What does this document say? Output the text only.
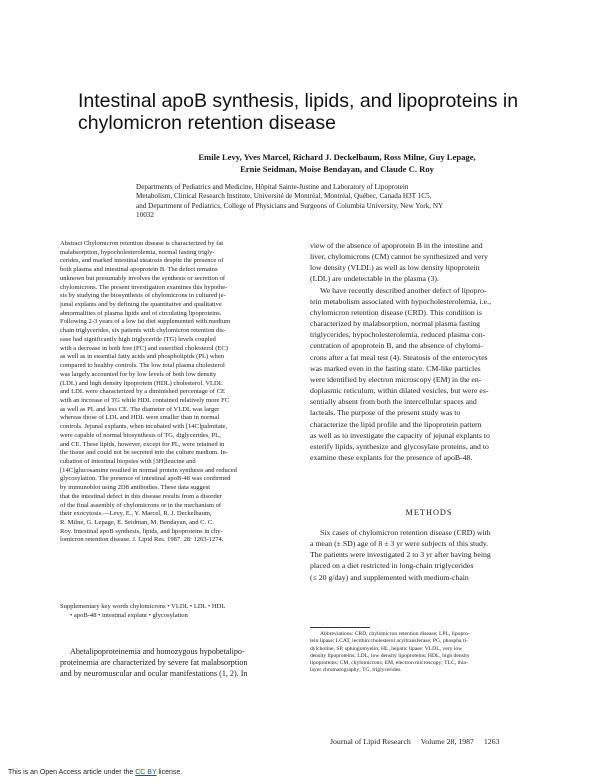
Intestinal apoB synthesis, lipids, and lipoproteins in
chylomicron retention disease
Emile Levy, Yves Marcel, Richard J. Deckelbaum, Ross Milne, Guy Lepage,
Ernie Seidman, Moise Bendayan, and Claude C. Roy
Departments of Pediatrics and Medicine, Hôpital Sainte-Justine and Laboratory of Lipoprotein
Metabolism, Clinical Research Institute, Université de Montréal, Montréal, Québec, Canada H3T 1C5,
and Department of Pediatrics, College of Physicians and Surgeons of Columbia University, New York, NY
10032
Abstract Chylomicron retention disease is characterized by fat
malabsorption, hypocholesterolemia, normal fasting trigly-
cerides, and marked intestinal steatosis despite the presence of
both plasma and intestinal apoprotein B. The defect remains
unknown but presumably involves the synthesis or secretion of
chylomicrons. The present investigation examines this hypothe-
sis by studying the biosynthesis of chylomicrons in cultured je-
junal explants and by defining the quantitative and qualitative
abnormalities of plasma lipids and of circulating lipoproteins.
Following 2-3 years of a low fat diet supplemented with medium
chain triglycerides, six patients with chylomicron retention dis-
ease had significantly high triglyceride (TG) levels coupled
with a decrease in both free (FC) and esterified cholesterol (EC)
as well as in essential fatty acids and phospholipids (PL) when
compared to healthy controls. The low total plasma cholesterol
was largely accounted for by low levels of both low density
(LDL) and high density lipoprotein (HDL) cholesterol. VLDL
and LDL were characterized by a diminished percentage of CE
with an increase of TG while HDL contained relatively more FC
as well as PL and less CE. The diameter of VLDL was larger
whereas those of LDL and HDL were smaller than in normal
controls. Jejunal explants, when incubated with [14C]palmitate,
were capable of normal biosynthesis of TG, diglycerides, PL,
and CE. These lipids, however, except for PL, were retained in
the tissue and could not be secreted into the culture medium. In-
cubation of intestinal biopsies with [3H]leucine and
[14C]glucosamine resulted in normal protein synthesis and reduced
glycosylation. The presence of intestinal apoB-48 was confirmed
by immunoblot using 2D8 antibodies. These data suggest
that the intestinal defect in this disease results from a disorder
of the final assembly of chylomicrons or in the mechanism of
their exocytosis.—Levy, E., Y. Marcel, R. J. Deckelbaum,
R. Milne, G. Lepage, E. Seidman, M. Bendayan, and C. C.
Roy. Intestinal apoB synthesis, lipids, and lipoproteins in chy-
lomicron retention disease. J. Lipid Res. 1987. 28: 1263-1274.
Supplementary key words chylomicrons • VLDL • LDL • HDL
• apoB-48 • intestinal explant • glycosylation
Abetalipoproteinemia and homozygous hypobetalipo-
proteinemia are characterized by severe fat malabsorption
and by neuromuscular and ocular manifestations (1, 2). In
view of the absence of apoprotein B in the intestine and
liver, chylomicrons (CM) cannot be synthesized and very
low density (VLDL) as well as low density lipoprotein
(LDL) are undetectable in the plasma (3).
We have recently described another defect of lipopro-
tein metabolism associated with hypocholesterolemia, i.e.,
chylomicron retention disease (CRD). This condition is
characterized by malabsorption, normal plasma fasting
triglycerides, hypocholesterolemia, reduced plasma con-
centration of apoprotein B, and the absence of chylomi-
crons after a fat meal test (4). Steatosis of the enterocytes
was marked even in the fasting state. CM-like particles
were identified by electron microscopy (EM) in the en-
doplasmic reticulum, within dilated vesicles, but were es-
sentially absent from both the intercellular spaces and
lacteals. The purpose of the present study was to
characterize the lipid profile and the lipoprotein pattern
as well as to investigate the capacity of jejunal explants to
esterify lipids, synthesize and glycosylate proteins, and to
examine these explants for the presence of apoB-48.
METHODS
Six cases of chylomicron retention disease (CRD) with
a mean (± SD) age of 8 ± 3 yr were subjects of this study.
The patients were investigated 2 to 3 yr after having being
placed on a diet restricted in long-chain triglycerides
(≤ 20 g/day) and supplemented with medium-chain
Abbreviations: CRD, chylomicron retention disease; LPL, lipopro-
tein lipase; LCAT, lecithin:cholesterol acyltransferase; PG, phospha ti-
dylcholine, SP, sphingomyelin; HL, hepatic lipase; VLDL, very low
density lipoproteins; LDL, low density lipoproteins; HDL, high density
lipoproteins; CM, chylomicrons; EM, electron microscopy; TLC, thin-
layer chromatography; TG, triglycerides.
Journal of Lipid Research Volume 28, 1987 1263
This is an Open Access article under the CC BY license.
